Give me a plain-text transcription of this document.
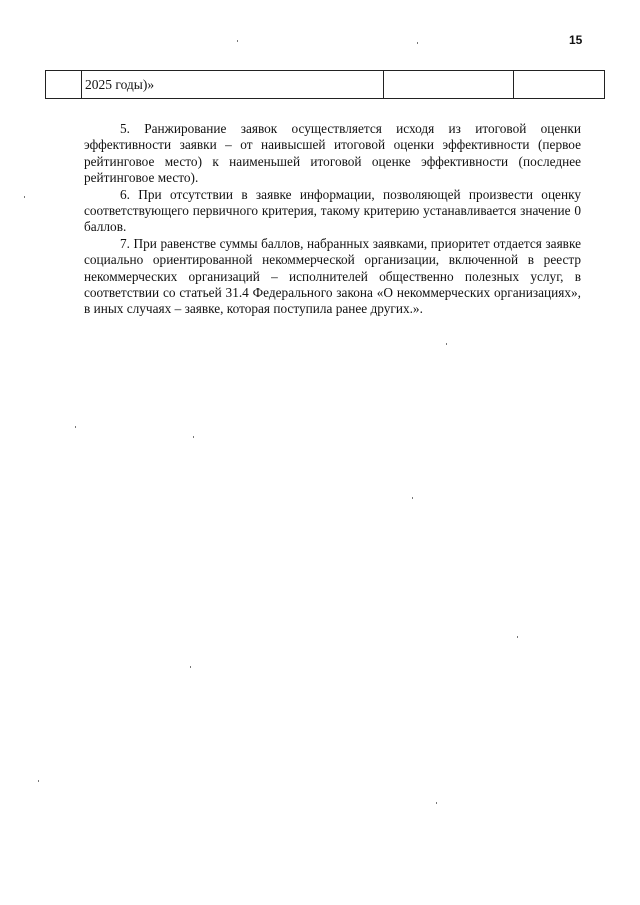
15
2025 годы)»

5. Ранжирование заявок осуществляется исходя из итоговой оценки эффективности заявки – от наивысшей итоговой оценки эффективности (первое рейтинговое место) к наименьшей итоговой оценке эффективности (последнее рейтинговое место).

6. При отсутствии в заявке информации, позволяющей произвести оценку соответствующего первичного критерия, такому критерию устанавливается значение 0 баллов.

7. При равенстве суммы баллов, набранных заявками, приоритет отдается заявке социально ориентированной некоммерческой организации, включенной в реестр некоммерческих организаций – исполнителей общественно полезных услуг, в соответствии со статьей 31.4 Федерального закона «О некоммерческих организациях», в иных случаях – заявке, которая поступила ранее других.».
